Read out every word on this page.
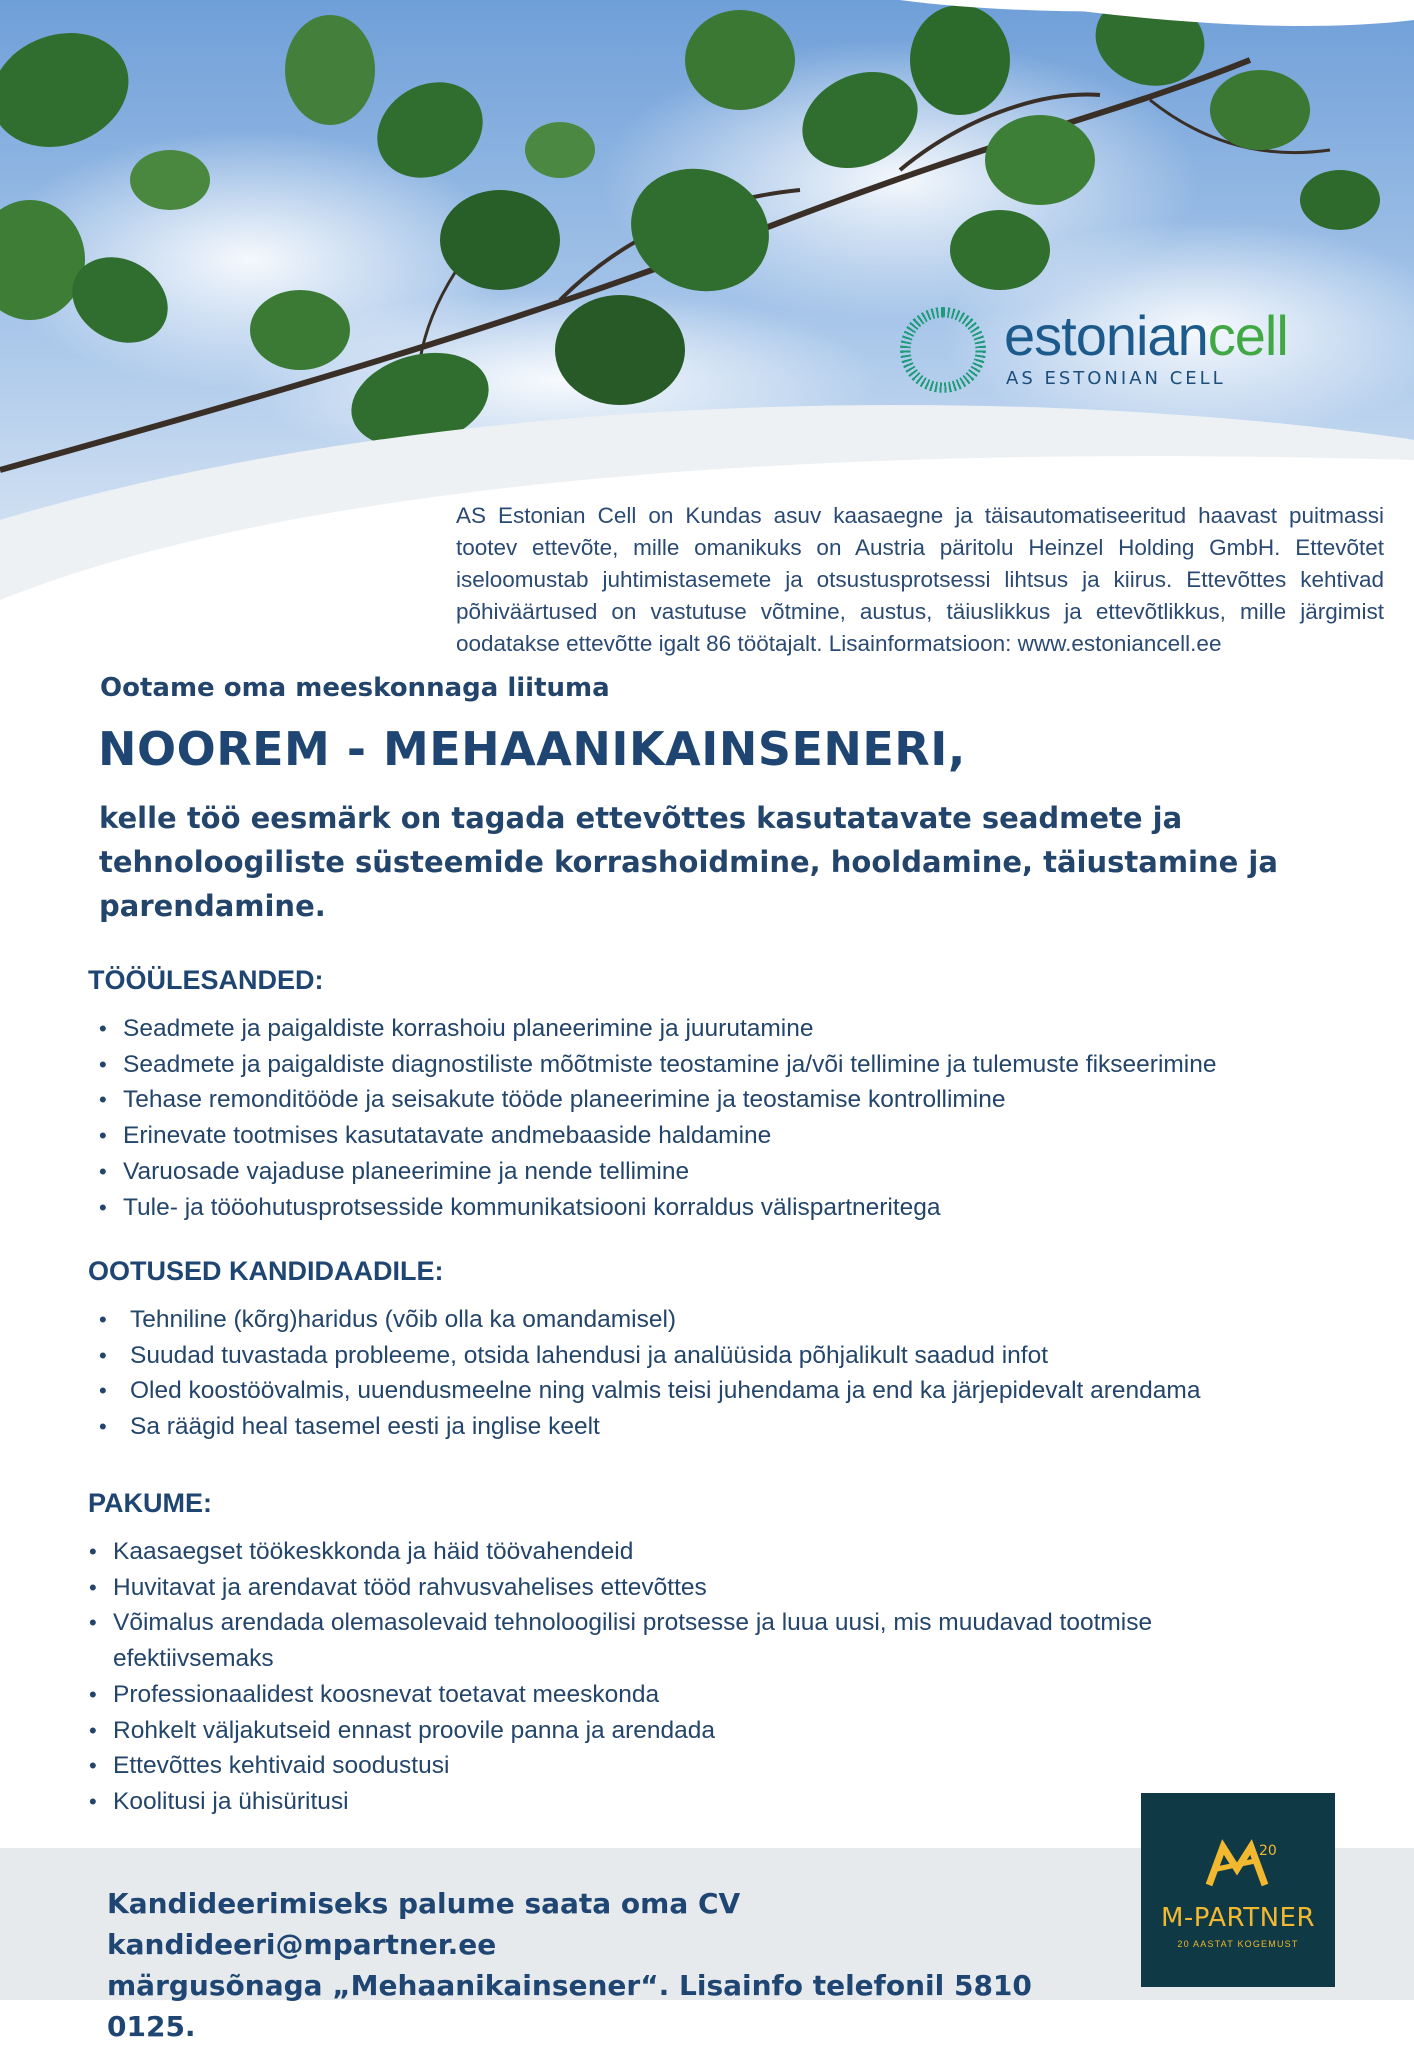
estoniancell
AS ESTONIAN CELL

AS Estonian Cell on Kundas asuv kaasaegne ja täisautomatiseeritud haavast puitmassi tootev ettevõte, mille omanikuks on Austria päritolu Heinzel Holding GmbH. Ettevõtet iseloomustab juhtimistasemete ja otsustusprotsessi lihtsus ja kiirus. Ettevõttes kehtivad põhiväärtused on vastutuse võtmine, austus, täiuslikkus ja ettevõtlikkus, mille järgimist oodatakse ettevõtte igalt 86 töötajalt. Lisainformatsioon: www.estoniancell.ee

Ootame oma meeskonnaga liituma
NOOREM - MEHAANIKAINSENERI,

kelle töö eesmärk on tagada ettevõttes kasutatavate seadmete ja tehnoloogiliste süsteemide korrashoidmine, hooldamine, täiustamine ja parendamine.

TÖÖÜLESANDED:
• Seadmete ja paigaldiste korrashoiu planeerimine ja juurutamine
• Seadmete ja paigaldiste diagnostiliste mõõtmiste teostamine ja/või tellimine ja tulemuste fikseerimine
• Tehase remonditööde ja seisakute tööde planeerimine ja teostamise kontrollimine
• Erinevate tootmises kasutatavate andmebaaside haldamine
• Varuosade vajaduse planeerimine ja nende tellimine
• Tule- ja tööohutusprotsesside kommunikatsiooni korraldus välispartneritega
OOTUSED KANDIDAADILE:
• Tehniline (kõrg)haridus (võib olla ka omandamisel)
• Suudad tuvastada probleeme, otsida lahendusi ja analüüsida põhjalikult saadud infot
• Oled koostöövalmis, uuendusmeelne ning valmis teisi juhendama ja end ka järjepidevalt arendama
• Sa räägid heal tasemel eesti ja inglise keelt
PAKUME:
• Kaasaegset töökeskkonda ja häid töövahendeid
• Huvitavat ja arendavat tööd rahvusvahelises ettevõttes
• Võimalus arendada olemasolevaid tehnoloogilisi protsesse ja luua uusi, mis muudavad tootmise efektiivsemaks
• Professionaalidest koosnevat toetavat meeskonda
• Rohkelt väljakutseid ennast proovile panna ja arendada
• Ettevõttes kehtivaid soodustusi
• Koolitusi ja ühisüritusi

Kandideerimiseks palume saata oma CV kandideeri@mpartner.ee
märgusõnaga „Mehaanikainsener“. Lisainfo telefonil 5810 0125.

20
M-PARTNER
20 AASTAT KOGEMUST
